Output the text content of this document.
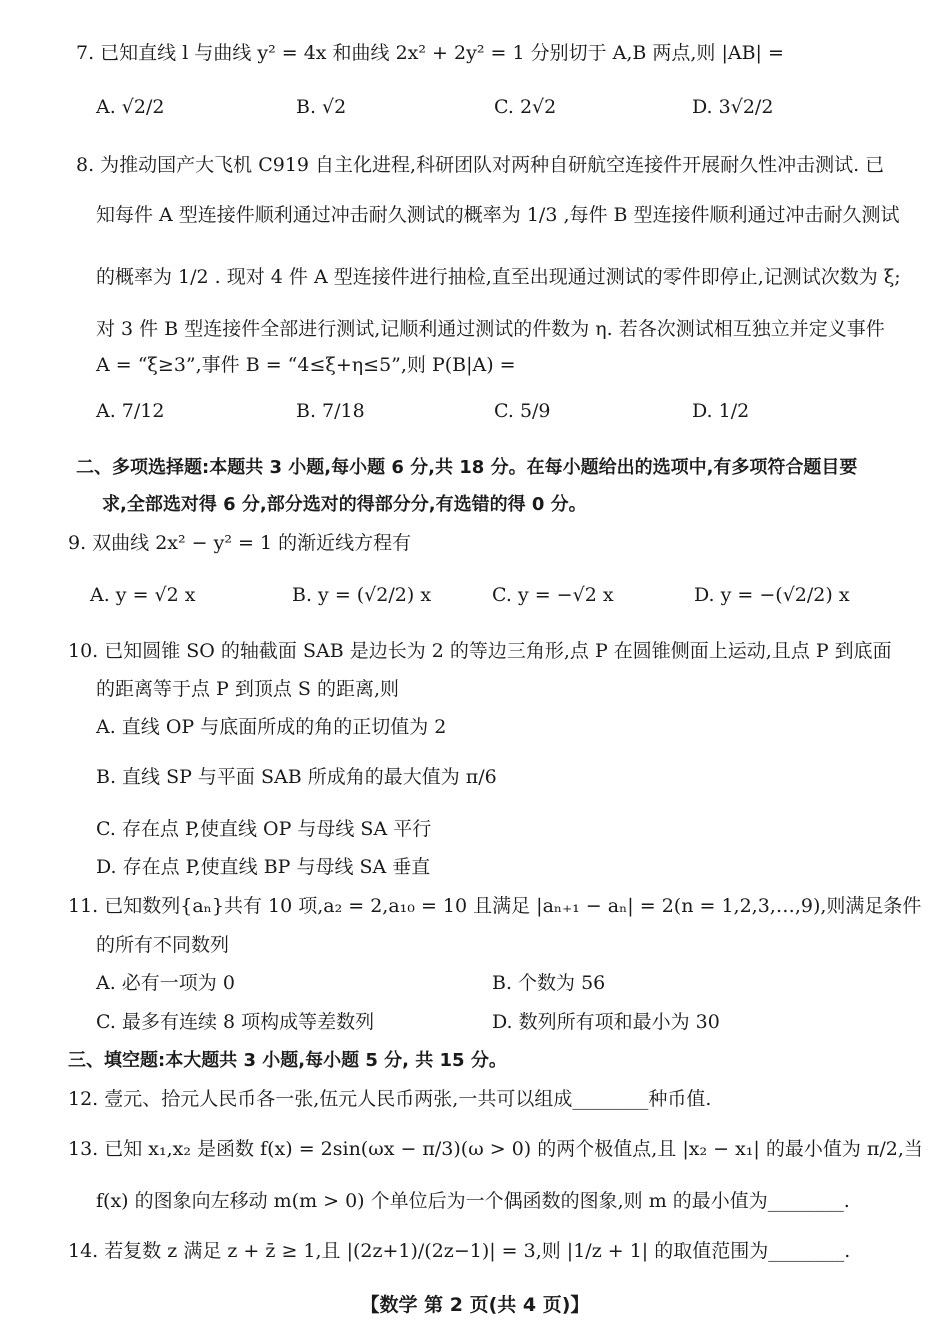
7. 已知直线 l 与曲线 y² = 4x 和曲线 2x² + 2y² = 1 分别切于 A,B 两点,则 |AB| =
A. √2/2	B. √2	C. 2√2	D. 3√2/2
8. 为推动国产大飞机 C919 自主化进程,科研团队对两种自研航空连接件开展耐久性冲击测试. 已
知每件 A 型连接件顺利通过冲击耐久测试的概率为 1/3 ,每件 B 型连接件顺利通过冲击耐久测试
的概率为 1/2 . 现对 4 件 A 型连接件进行抽检,直至出现通过测试的零件即停止,记测试次数为 ξ;
对 3 件 B 型连接件全部进行测试,记顺利通过测试的件数为 η. 若各次测试相互独立并定义事件
A = “ξ≥3”,事件 B = “4≤ξ+η≤5”,则 P(B|A) =
A. 7/12	B. 7/18	C. 5/9	D. 1/2
二、多项选择题:本题共 3 小题,每小题 6 分,共 18 分。在每小题给出的选项中,有多项符合题目要
求,全部选对得 6 分,部分选对的得部分分,有选错的得 0 分。
9. 双曲线 2x² − y² = 1 的渐近线方程有
A. y = √2 x	B. y = (√2/2) x	C. y = −√2 x	D. y = −(√2/2) x
10. 已知圆锥 SO 的轴截面 SAB 是边长为 2 的等边三角形,点 P 在圆锥侧面上运动,且点 P 到底面
的距离等于点 P 到顶点 S 的距离,则
A. 直线 OP 与底面所成的角的正切值为 2
B. 直线 SP 与平面 SAB 所成角的最大值为 π/6
C. 存在点 P,使直线 OP 与母线 SA 平行
D. 存在点 P,使直线 BP 与母线 SA 垂直
11. 已知数列{aₙ}共有 10 项,a₂ = 2,a₁₀ = 10 且满足 |aₙ₊₁ − aₙ| = 2(n = 1,2,3,…,9),则满足条件
的所有不同数列
A. 必有一项为 0	B. 个数为 56
C. 最多有连续 8 项构成等差数列	D. 数列所有项和最小为 30
三、填空题:本大题共 3 小题,每小题 5 分, 共 15 分。
12. 壹元、拾元人民币各一张,伍元人民币两张,一共可以组成________种币值.
13. 已知 x₁,x₂ 是函数 f(x) = 2sin(ωx − π/3)(ω > 0) 的两个极值点,且 |x₂ − x₁| 的最小值为 π/2,当
f(x) 的图象向左移动 m(m > 0) 个单位后为一个偶函数的图象,则 m 的最小值为________.
14. 若复数 z 满足 z + z̄ ≥ 1,且 |(2z+1)/(2z−1)| = 3,则 |1/z + 1| 的取值范围为________.
【数学 第 2 页(共 4 页)】
